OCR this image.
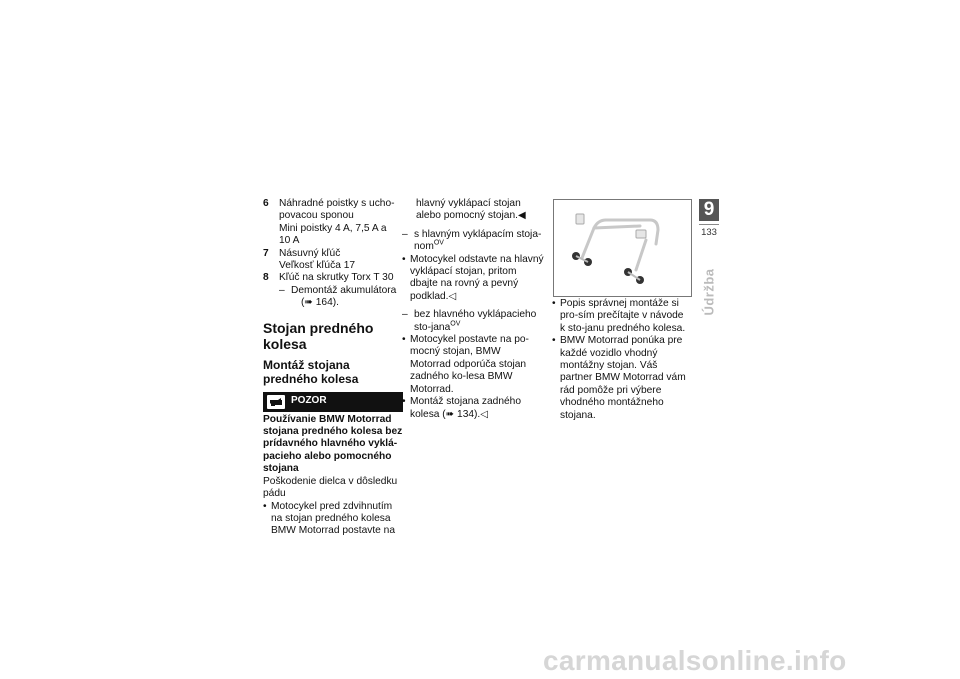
6	Náhradné poistky s ucho-
povacou sponou
Mini poistky 4 A, 7,5 A a
10 A
7	Násuvný kľúč
Veľkosť kľúča 17
8	Kľúč na skrutky Torx T 30
– Demontáž akumulátora
(➠ 164).
Stojan predného kolesa
Montáž stojana predného kolesa
POZOR
Používanie BMW Motorrad stojana predného kolesa bez prídavného hlavného vyklá-pacieho alebo pomocného stojana
Poškodenie dielca v dôsledku pádu
• Motocykel pred zdvihnutím na stojan predného kolesa BMW Motorrad postavte na
hlavný vyklápací stojan alebo pomocný stojan.◀
– s hlavným vyklápacím stoja-nom$^{OV}$
• Motocykel odstavte na hlavný vyklápací stojan, pritom dbajte na rovný a pevný podklad.◁
– bez hlavného vyklápacieho sto-jana$^{OV}$
• Motocykel postavte na po-mocný stojan, BMW Motorrad odporúča stojan zadného ko-lesa BMW Motorrad.
• Montáž stojana zadného kolesa (➠ 134).◁
• Popis správnej montáže si pro-sím prečítajte v návode k sto-janu predného kolesa.
• BMW Motorrad ponúka pre každé vozidlo vhodný montážny stojan. Váš partner BMW Motorrad vám rád pomôže pri výbere vhodného montážneho stojana.
9
133
Údržba
carmanualsonline.info
